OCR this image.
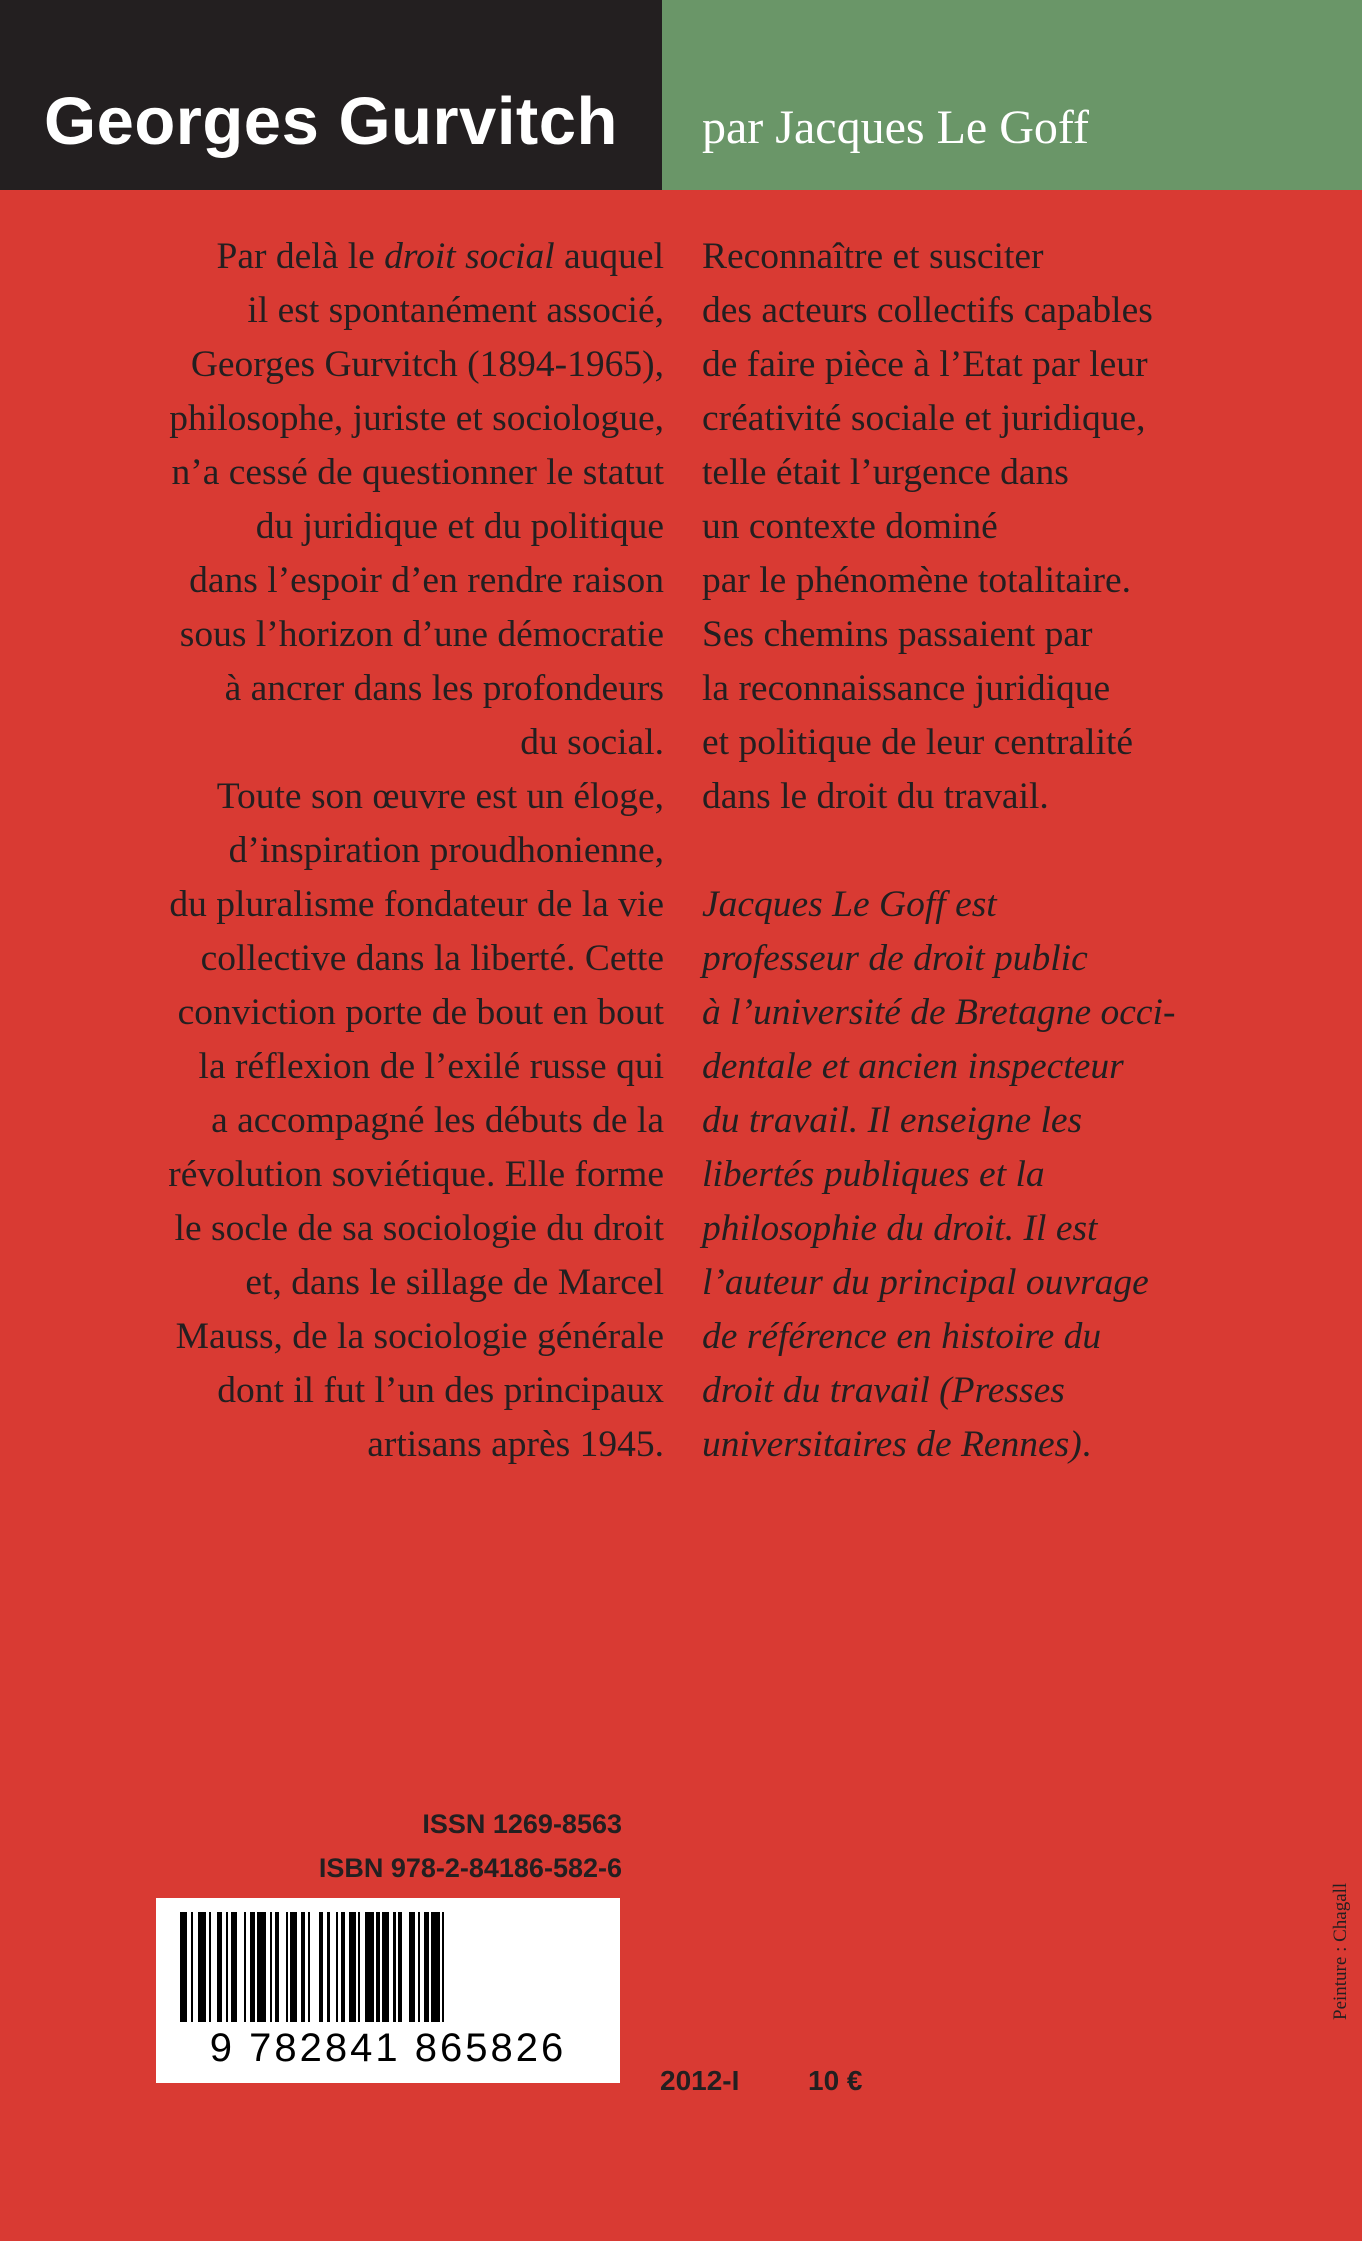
Georges Gurvitch par Jacques Le Goff
Par delà le droit social auquel
il est spontanément associé,
Georges Gurvitch (1894-1965),
philosophe, juriste et sociologue,
n’a cessé de questionner le statut
du juridique et du politique
dans l’espoir d’en rendre raison
sous l’horizon d’une démocratie
à ancrer dans les profondeurs
du social.
Toute son œuvre est un éloge,
d’inspiration proudhonienne,
du pluralisme fondateur de la vie
collective dans la liberté. Cette
conviction porte de bout en bout
la réflexion de l’exilé russe qui
a accompagné les débuts de la
révolution soviétique. Elle forme
le socle de sa sociologie du droit
et, dans le sillage de Marcel
Mauss, de la sociologie générale
dont il fut l’un des principaux
artisans après 1945.
Reconnaître et susciter
des acteurs collectifs capables
de faire pièce à l’Etat par leur
créativité sociale et juridique,
telle était l’urgence dans
un contexte dominé
par le phénomène totalitaire.
Ses chemins passaient par
la reconnaissance juridique
et politique de leur centralité
dans le droit du travail.
Jacques Le Goff est
professeur de droit public
à l’université de Bretagne occi-
dentale et ancien inspecteur
du travail. Il enseigne les
libertés publiques et la
philosophie du droit. Il est
l’auteur du principal ouvrage
de référence en histoire du
droit du travail (Presses
universitaires de Rennes).
ISSN 1269-8563
ISBN 978-2-84186-582-6
9 782841 865826
2012-I 10 €
Peinture : Chagall
